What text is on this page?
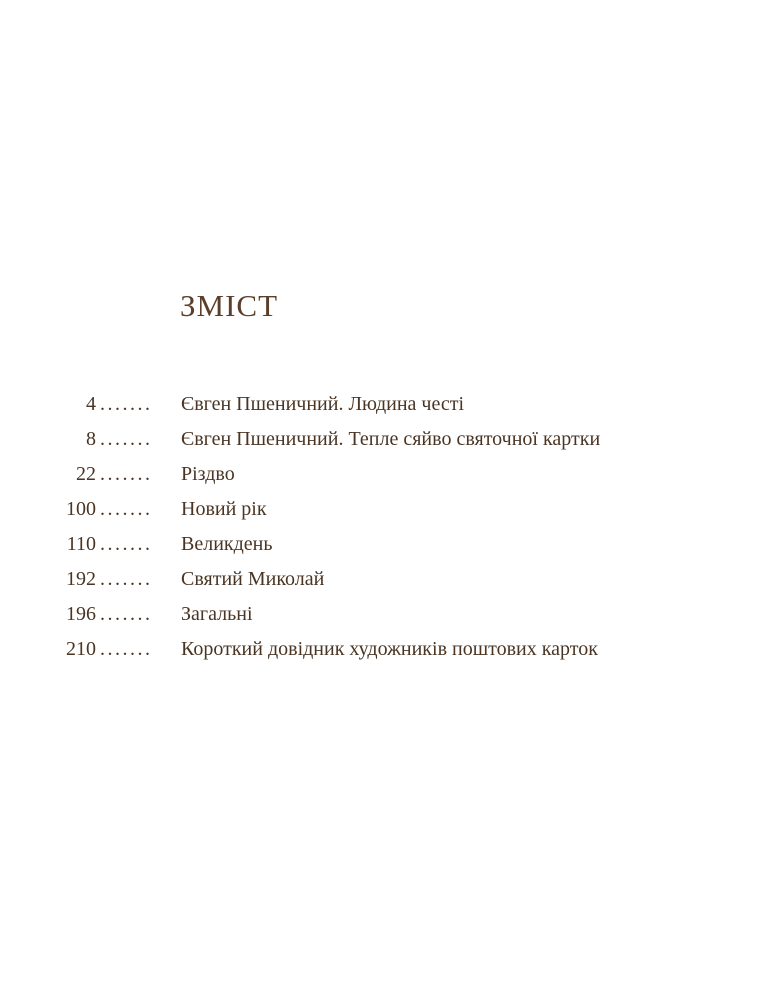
ЗМІСТ
4 ....... Євген Пшеничний. Людина честі
8 ....... Євген Пшеничний. Тепле сяйво святочної картки
22 ....... Різдво
100 ....... Новий рік
110 ....... Великдень
192 ....... Святий Миколай
196 ....... Загальні
210 ....... Короткий довідник художників поштових карток
